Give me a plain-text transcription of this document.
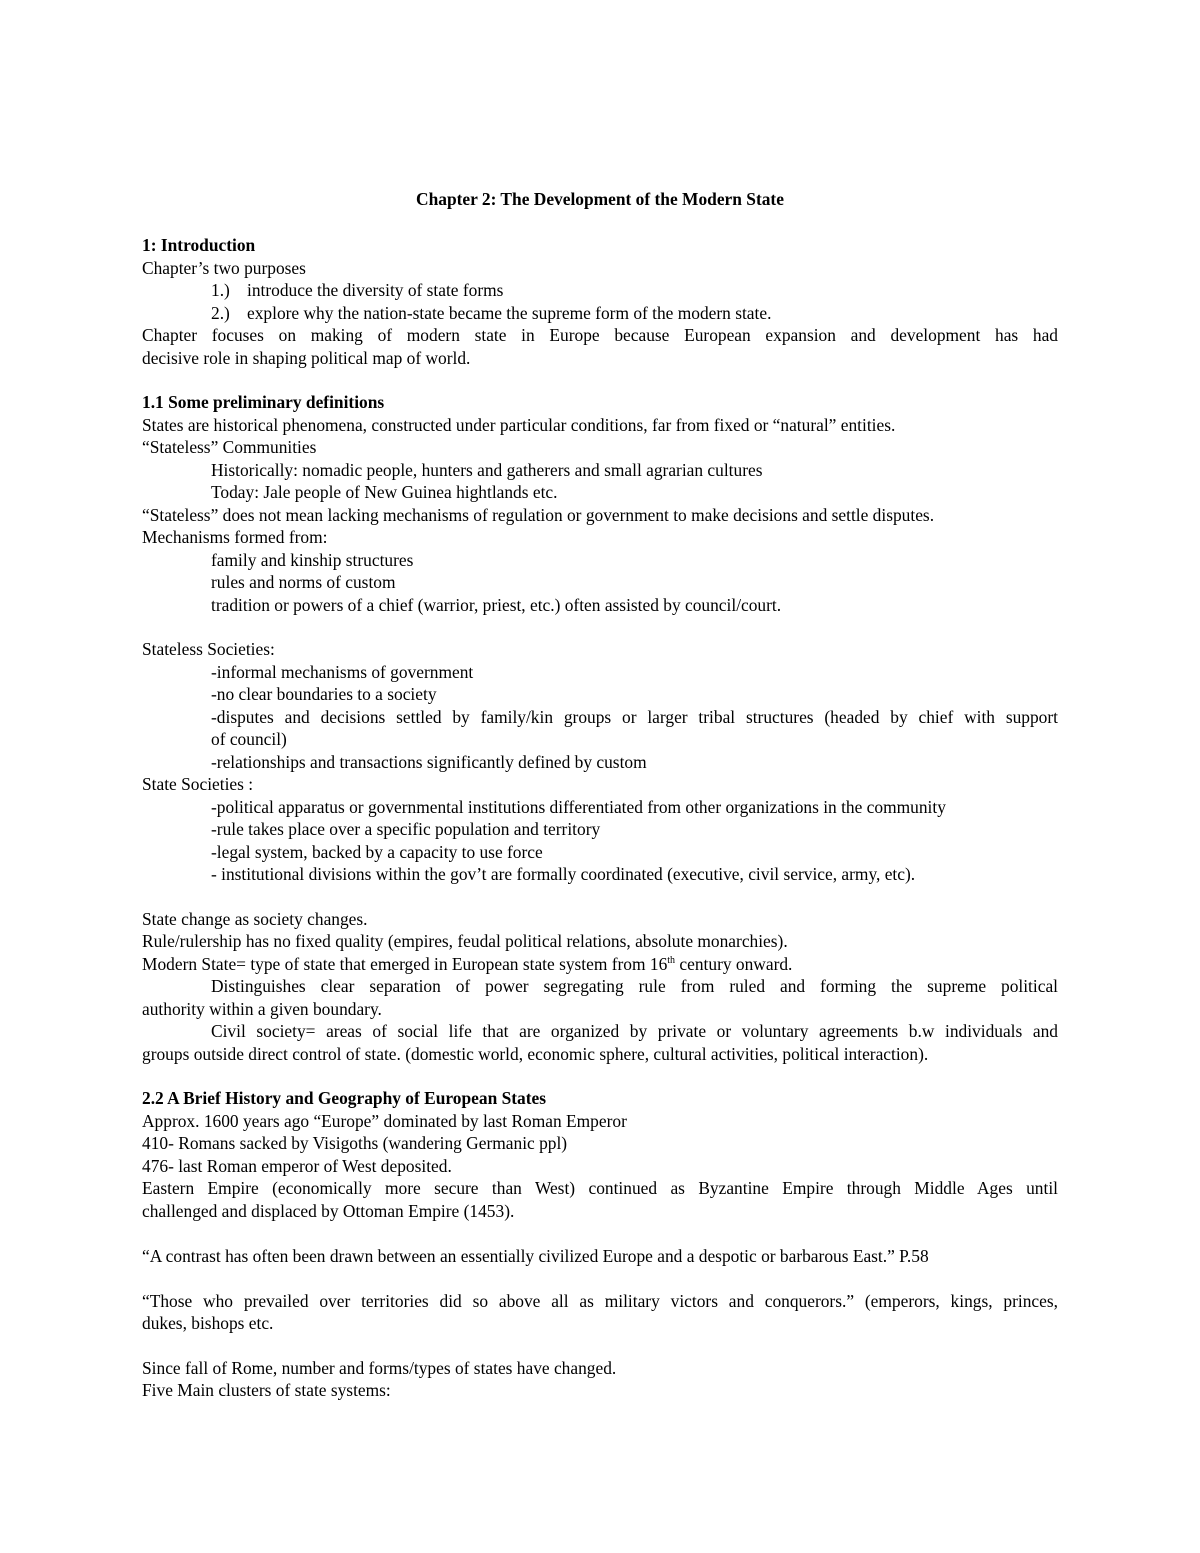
Chapter 2: The Development of the Modern State
1: Introduction
Chapter’s two purposes
1.) introduce the diversity of state forms
2.) explore why the nation-state became the supreme form of the modern state.
Chapter focuses on making of modern state in Europe because European expansion and development has had
decisive role in shaping political map of world.
1.1 Some preliminary definitions
States are historical phenomena, constructed under particular conditions, far from fixed or “natural” entities.
“Stateless” Communities
Historically: nomadic people, hunters and gatherers and small agrarian cultures
Today: Jale people of New Guinea hightlands etc.
“Stateless” does not mean lacking mechanisms of regulation or government to make decisions and settle disputes.
Mechanisms formed from:
family and kinship structures
rules and norms of custom
tradition or powers of a chief (warrior, priest, etc.) often assisted by council/court.
Stateless Societies:
-informal mechanisms of government
-no clear boundaries to a society
-disputes and decisions settled by family/kin groups or larger tribal structures (headed by chief with support
of council)
-relationships and transactions significantly defined by custom
State Societies :
-political apparatus or governmental institutions differentiated from other organizations in the community
-rule takes place over a specific population and territory
-legal system, backed by a capacity to use force
- institutional divisions within the gov’t are formally coordinated (executive, civil service, army, etc).
State change as society changes.
Rule/rulership has no fixed quality (empires, feudal political relations, absolute monarchies).
Modern State= type of state that emerged in European state system from 16th century onward.
Distinguishes clear separation of power segregating rule from ruled and forming the supreme political
authority within a given boundary.
Civil society= areas of social life that are organized by private or voluntary agreements b.w individuals and
groups outside direct control of state. (domestic world, economic sphere, cultural activities, political interaction).
2.2 A Brief History and Geography of European States
Approx. 1600 years ago “Europe” dominated by last Roman Emperor
410- Romans sacked by Visigoths (wandering Germanic ppl)
476- last Roman emperor of West deposited.
Eastern Empire (economically more secure than West) continued as Byzantine Empire through Middle Ages until
challenged and displaced by Ottoman Empire (1453).
“A contrast has often been drawn between an essentially civilized Europe and a despotic or barbarous East.” P.58
“Those who prevailed over territories did so above all as military victors and conquerors.” (emperors, kings, princes,
dukes, bishops etc.
Since fall of Rome, number and forms/types of states have changed.
Five Main clusters of state systems:
